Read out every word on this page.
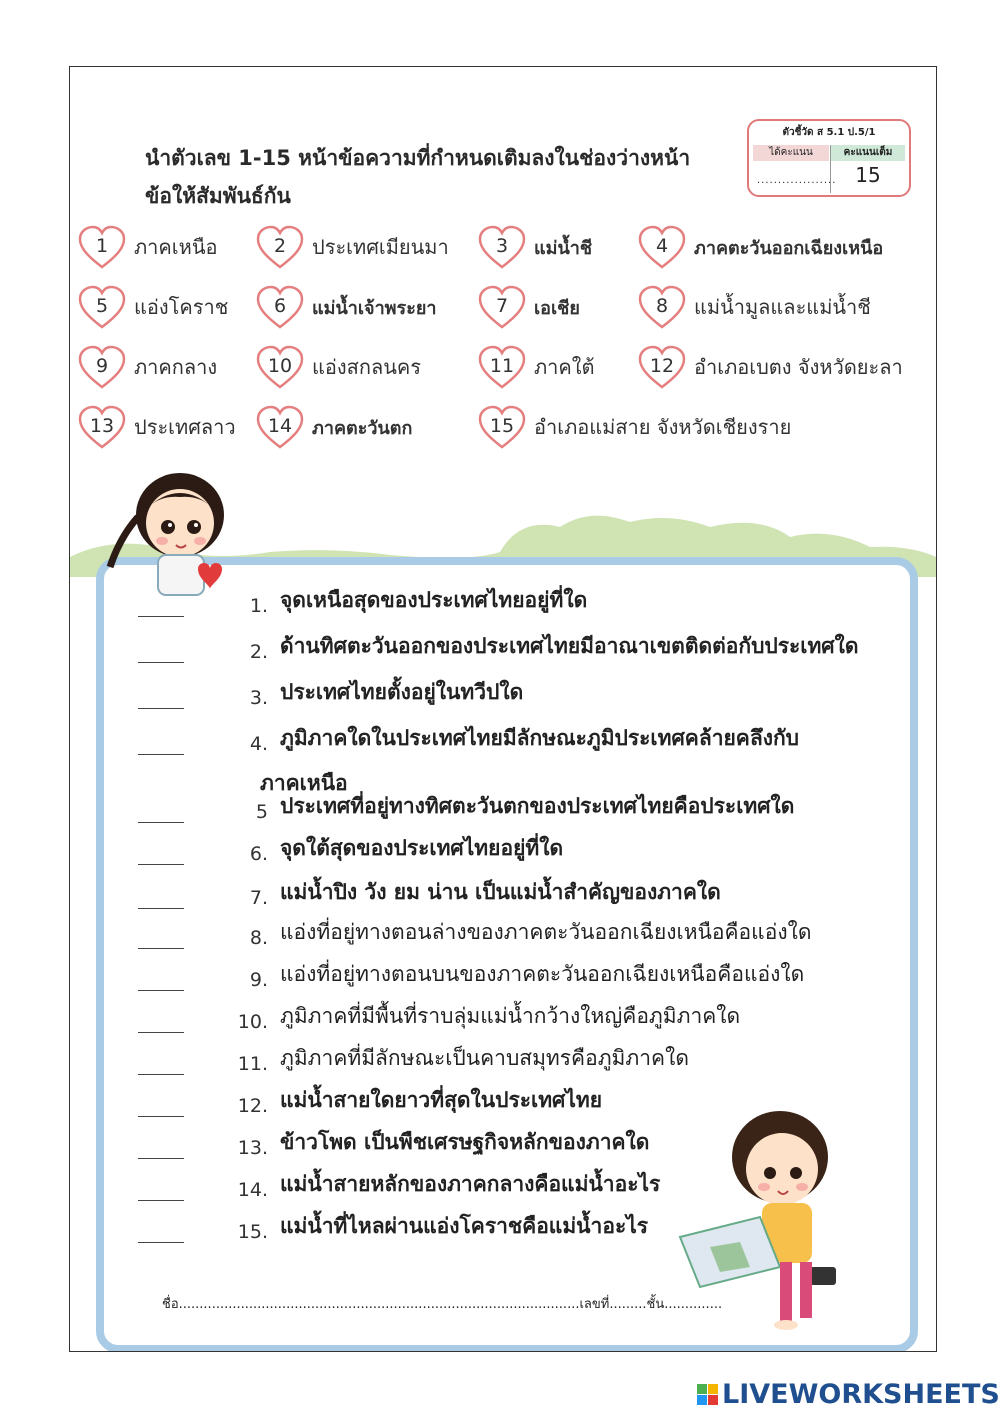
นำตัวเลข 1-15 หน้าข้อความที่กำหนดเติมลงในช่องว่างหน้า
ข้อให้สัมพันธ์กัน
ตัวชี้วัด ส 5.1 ป.5/1
ได้คะแนน	คะแนนเต็ม
................... 15
1	ภาคเหนือ	2	ประเทศเมียนมา	3	แม่น้ำชี	4	ภาคตะวันออกเฉียงเหนือ
5	แอ่งโคราช	6	แม่น้ำเจ้าพระยา	7	เอเชีย	8	แม่น้ำมูลและแม่น้ำชี
9	ภาคกลาง	10 แอ่งสกลนคร	11 ภาคใต้	12 อำเภอเบตง จังหวัดยะลา
13 ประเทศลาว	14	ภาคตะวันตก	15 อำเภอแม่สาย จังหวัดเชียงราย
1. จุดเหนือสุดของประเทศไทยอยู่ที่ใด
2. ด้านทิศตะวันออกของประเทศไทยมีอาณาเขตติดต่อกับประเทศใด
3. ประเทศไทยตั้งอยู่ในทวีปใด
4. ภูมิภาคใดในประเทศไทยมีลักษณะภูมิประเทศคล้ายคลึงกับ
5 ประเทศที่อยู่ทางทิศตะวันตกของประเทศไทยคือประเทศใด
6. จุดใต้สุดของประเทศไทยอยู่ที่ใด
7. แม่น้ำปิง วัง ยม น่าน เป็นแม่น้ำสำคัญของภาคใด
8. แอ่งที่อยู่ทางตอนล่างของภาคตะวันออกเฉียงเหนือคือแอ่งใด
9. แอ่งที่อยู่ทางตอนบนของภาคตะวันออกเฉียงเหนือคือแอ่งใด
10. ภูมิภาคที่มีพื้นที่ราบลุ่มแม่น้ำกว้างใหญ่คือภูมิภาคใด
11. ภูมิภาคที่มีลักษณะเป็นคาบสมุทรคือภูมิภาคใด
12. แม่น้ำสายใดยาวที่สุดในประเทศไทย
13. ข้าวโพด เป็นพืชเศรษฐกิจหลักของภาคใด
14. แม่น้ำสายหลักของภาคกลางคือแม่น้ำอะไร
15. แม่น้ำที่ไหลผ่านแอ่งโคราชคือแม่น้ำอะไร
ภาคเหนือ
ชื่อ.................................................................................................เลขที่.........ชั้น..............
LIVEWORKSHEETS
